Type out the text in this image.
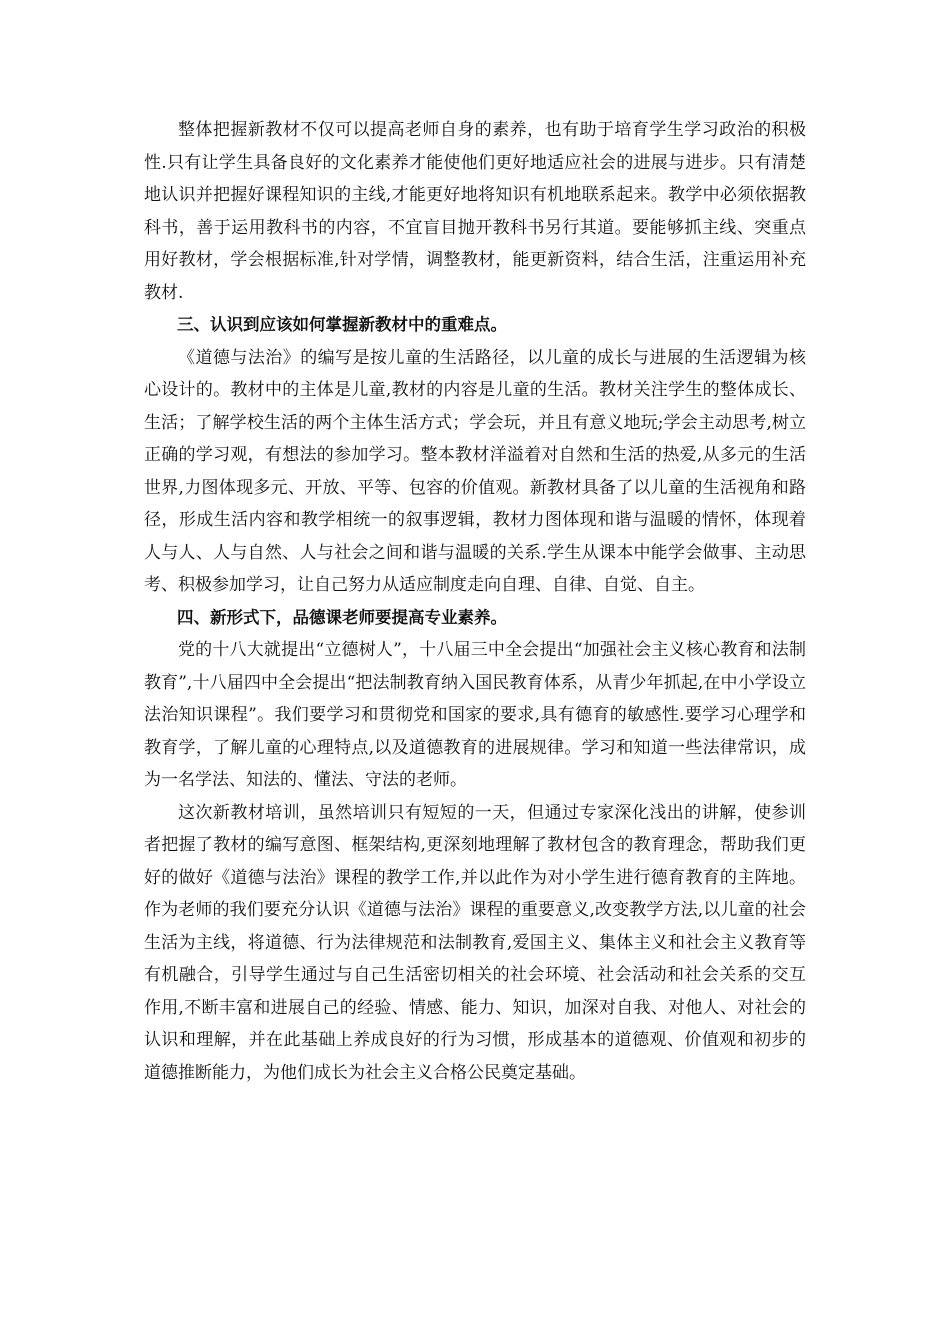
整体把握新教材不仅可以提高老师自身的素养，也有助于培育学生学习政治的积极性.只有让学生具备良好的文化素养才能使他们更好地适应社会的进展与进步。只有清楚地认识并把握好课程知识的主线,才能更好地将知识有机地联系起来。教学中必须依据教科书，善于运用教科书的内容，不宜盲目抛开教科书另行其道。要能够抓主线、突重点用好教材，学会根据标准,针对学情，调整教材，能更新资料，结合生活，注重运用补充教材.

三、认识到应该如何掌握新教材中的重难点。

《道德与法治》的编写是按儿童的生活路径，以儿童的成长与进展的生活逻辑为核心设计的。教材中的主体是儿童,教材的内容是儿童的生活。教材关注学生的整体成长、生活；了解学校生活的两个主体生活方式；学会玩，并且有意义地玩;学会主动思考,树立正确的学习观，有想法的参加学习。整本教材洋溢着对自然和生活的热爱,从多元的生活世界,力图体现多元、开放、平等、包容的价值观。新教材具备了以儿童的生活视角和路径，形成生活内容和教学相统一的叙事逻辑，教材力图体现和谐与温暖的情怀，体现着人与人、人与自然、人与社会之间和谐与温暖的关系.学生从课本中能学会做事、主动思考、积极参加学习，让自己努力从适应制度走向自理、自律、自觉、自主。

四、新形式下，品德课老师要提高专业素养。

党的十八大就提出“立德树人”，十八届三中全会提出“加强社会主义核心教育和法制教育”,十八届四中全会提出“把法制教育纳入国民教育体系，从青少年抓起,在中小学设立法治知识课程”。我们要学习和贯彻党和国家的要求,具有德育的敏感性.要学习心理学和教育学，了解儿童的心理特点,以及道德教育的进展规律。学习和知道一些法律常识，成为一名学法、知法的、懂法、守法的老师。

这次新教材培训，虽然培训只有短短的一天，但通过专家深化浅出的讲解，使参训者把握了教材的编写意图、框架结构,更深刻地理解了教材包含的教育理念，帮助我们更好的做好《道德与法治》课程的教学工作,并以此作为对小学生进行德育教育的主阵地。作为老师的我们要充分认识《道德与法治》课程的重要意义,改变教学方法,以儿童的社会生活为主线，将道德、行为法律规范和法制教育,爱国主义、集体主义和社会主义教育等有机融合，引导学生通过与自己生活密切相关的社会环境、社会活动和社会关系的交互作用,不断丰富和进展自己的经验、情感、能力、知识，加深对自我、对他人、对社会的认识和理解，并在此基础上养成良好的行为习惯，形成基本的道德观、价值观和初步的道德推断能力，为他们成长为社会主义合格公民奠定基础。
